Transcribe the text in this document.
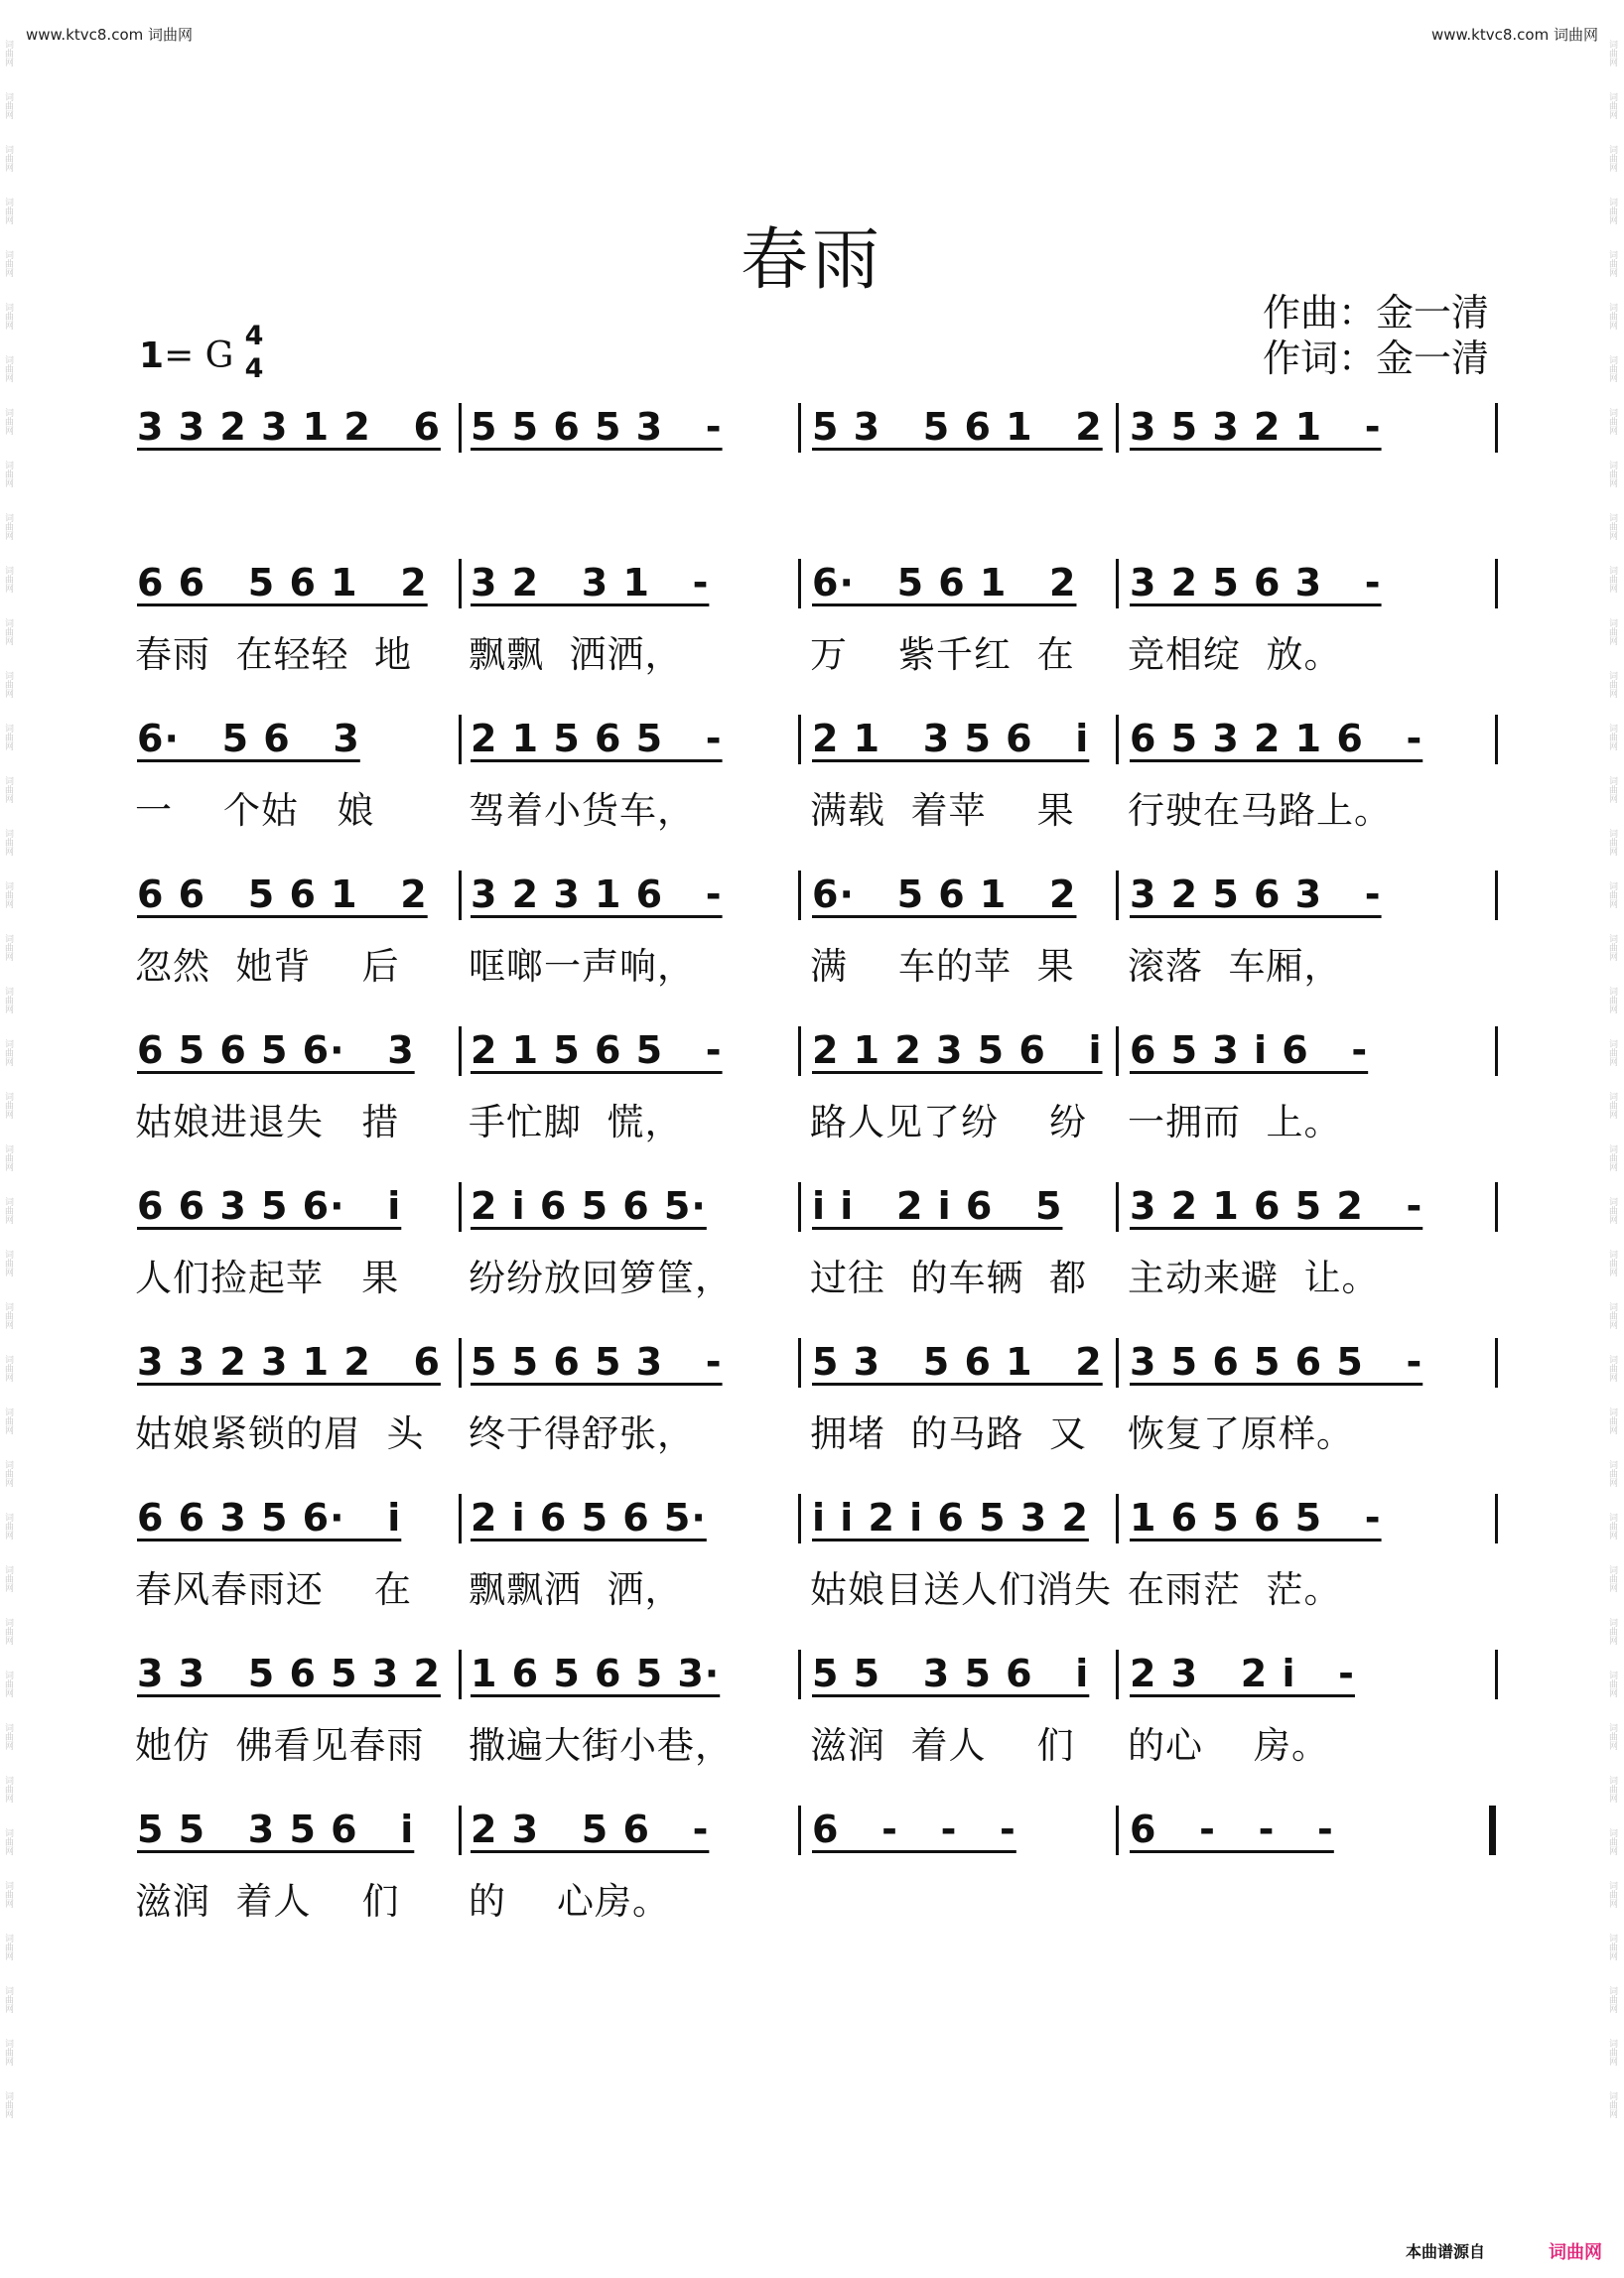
www.ktvc8.com 词曲网	www.ktvc8.com 词曲网
词曲网
词曲网
词曲网
词曲网
词曲网
词曲网
词曲网
词曲网
词曲网
词曲网
词曲网
词曲网
词曲网
词曲网
词曲网
词曲网
词曲网
词曲网
词曲网
词曲网
词曲网
词曲网
词曲网
词曲网
词曲网
词曲网
词曲网
词曲网
词曲网
词曲网
词曲网
词曲网
词曲网
词曲网
词曲网
词曲网
词曲网
词曲网
词曲网
词曲网
词曲网
词曲网
词曲网
词曲网
词曲网
词曲网
词曲网
词曲网
词曲网
词曲网
词曲网
词曲网
词曲网
词曲网
词曲网
词曲网
词曲网
词曲网
词曲网
词曲网
词曲网
词曲网
词曲网
词曲网
词曲网
词曲网
词曲网
词曲网
词曲网
词曲网
词曲网
词曲网
词曲网
词曲网
词曲网
词曲网
词曲网
词曲网
词曲网
词曲网
春雨
作曲：金一清
作词：金一清
1= G 4

4
3 3 2 3 1 2   6 5 5 6 5 3   - 5 3   5 6 1   2 3 5 3 2 1   -
6 6   5 6 1   2 3 2   3 1   -	6·   5 6 1   2 3 2 5 6 3   -
春雨  在轻轻  地 飘飘  洒洒，	万    紫千红  在 竞相绽  放。
6·   5 6   3	2 1 5 6 5   - 2 1   3 5 6   i 6 5 3 2 1 6   -
一    个姑   娘	驾着小货车，	满载  着苹    果 行驶在马路上。
6 6   5 6 1   2 3 2 3 1 6   - 6·   5 6 1   2 3 2 5 6 3   -
忽然  她背    后 哐啷一声响，	满    车的苹  果 滚落  车厢，
6 5 6 5 6·   3 2 1 5 6 5   - 2 1 2 3 5 6   i 6 5 3 i 6   -
姑娘进退失   措 手忙脚  慌，	路人见了纷    纷 一拥而  上。
6 6 3 5 6·   i 2 i 6 5 6 5·	i i   2 i 6   5 3 2 1 6 5 2   -
人们捡起苹   果 纷纷放回箩筐， 过往  的车辆  都 主动来避  让。
3 3 2 3 1 2   6 5 5 6 5 3   - 5 3   5 6 1   2 3 5 6 5 6 5   -
姑娘紧锁的眉  头 终于得舒张，	拥堵  的马路  又 恢复了原样。
6 6 3 5 6·   i 2 i 6 5 6 5·	i i 2 i 6 5 3 2 1 6 5 6 5   -
春风春雨还    在 飘飘洒  洒，	姑娘目送人们消失 在雨茫  茫。
3 3   5 6 5 3 2 1 6 5 6 5 3· 5 5   3 5 6   i 2 3   2 i   -
她仿  佛看见春雨 撒遍大街小巷， 滋润  着人    们 的心    房。
5 5   3 5 6   i 2 3   5 6   -	6   -   -   -	6   -   -   -
滋润  着人    们 的    心房。
本曲谱源自	词曲网
